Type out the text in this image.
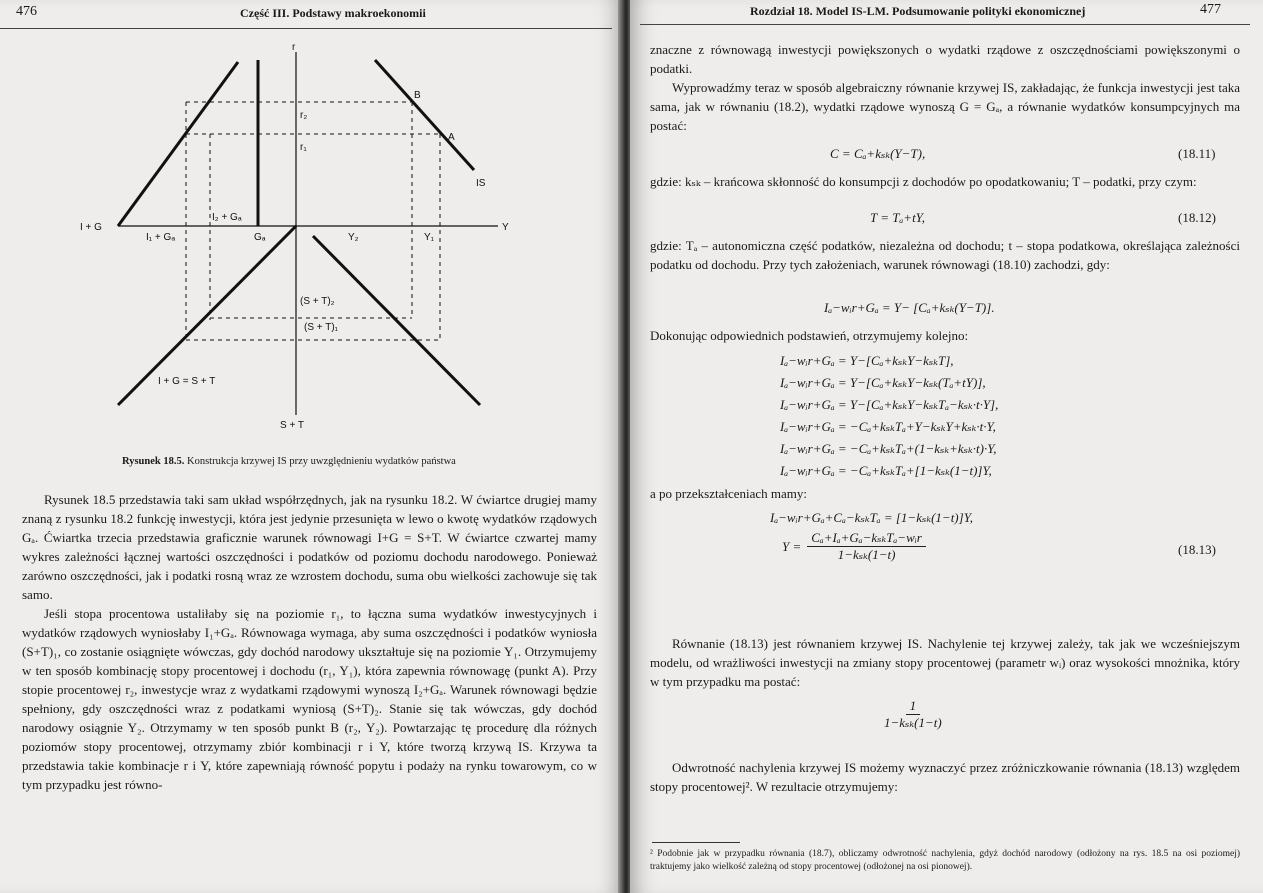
476	Część III. Podstawy makroekonomii
r
Y
S + T
I + G
r₂
r₁
I₂ + Gₐ
I₁ + Gₐ	Gₐ	Y₂	Y₁
B
A
IS
(S + T)₂
(S + T)₁
I + G = S + T
Rysunek 18.5. Konstrukcja krzywej IS przy uwzględnieniu wydatków państwa

Rysunek 18.5 przedstawia taki sam układ współrzędnych, jak na rysunku 18.2. W ćwiartce drugiej mamy znaną z rysunku 18.2 funkcję inwestycji, która jest jedynie przesunięta w lewo o kwotę wydatków rządowych Gₐ. Ćwiartka trzecia przedstawia graficznie warunek równowagi I+G = S+T. W ćwiartce czwartej mamy wykres zależności łącznej wartości oszczędności i podatków od poziomu dochodu narodowego. Ponieważ zarówno oszczędności, jak i podatki rosną wraz ze wzrostem dochodu, suma obu wielkości zachowuje się tak samo.

Jeśli stopa procentowa ustaliłaby się na poziomie r₁, to łączna suma wydatków inwestycyjnych i wydatków rządowych wyniosłaby I₁+Gₐ. Równowaga wymaga, aby suma oszczędności i podatków wyniosła (S+T)₁, co zostanie osiągnięte wówczas, gdy dochód narodowy ukształtuje się na poziomie Y₁. Otrzymujemy w ten sposób kombinację stopy procentowej i dochodu (r₁, Y₁), która zapewnia równowagę (punkt A). Przy stopie procentowej r₂, inwestycje wraz z wydatkami rządowymi wynoszą I₂+Gₐ. Warunek równowagi będzie spełniony, gdy oszczędności wraz z podatkami wyniosą (S+T)₂. Stanie się tak wówczas, gdy dochód narodowy osiągnie Y₂. Otrzymamy w ten sposób punkt B (r₂, Y₂). Powtarzając tę procedurę dla różnych poziomów stopy procentowej, otrzymamy zbiór kombinacji r i Y, które tworzą krzywą IS. Krzywa ta przedstawia takie kombinacje r i Y, które zapewniają równość popytu i podaży na rynku towarowym, co w tym przypadku jest równo-

Rozdział 18. Model IS-LM. Podsumowanie polityki ekonomicznej	477
znaczne z równowagą inwestycji powiększonych o wydatki rządowe z oszczędnościami powiększonymi o podatki.

Wyprowadźmy teraz w sposób algebraiczny równanie krzywej IS, zakładając, że funkcja inwestycji jest taka sama, jak w równaniu (18.2), wydatki rządowe wynoszą G = Gₐ, a równanie wydatków konsumpcyjnych ma postać:

C = Cₐ+kₛₖ(Y−T),	(18.11)
gdzie: kₛₖ – krańcowa skłonność do konsumpcji z dochodów po opodatkowaniu; T – podatki, przy czym:
T = Tₐ+tY,	(18.12)
gdzie: Tₐ – autonomiczna część podatków, niezależna od dochodu; t – stopa podatkowa, określająca zależności podatku od dochodu. Przy tych założeniach, warunek równowagi (18.10) zachodzi, gdy:
Iₐ−wᵢr+Gₐ = Y− [Cₐ+kₛₖ(Y−T)].
Dokonując odpowiednich podstawień, otrzymujemy kolejno:
Iₐ−wᵢr+Gₐ = Y−[Cₐ+kₛₖY−kₛₖT],
Iₐ−wᵢr+Gₐ = Y−[Cₐ+kₛₖY−kₛₖ(Tₐ+tY)],
Iₐ−wᵢr+Gₐ = Y−[Cₐ+kₛₖY−kₛₖTₐ−kₛₖ·t·Y],
Iₐ−wᵢr+Gₐ = −Cₐ+kₛₖTₐ+Y−kₛₖY+kₛₖ·t·Y,
Iₐ−wᵢr+Gₐ = −Cₐ+kₛₖTₐ+(1−kₛₖ+kₛₖ·t)·Y,
Iₐ−wᵢr+Gₐ = −Cₐ+kₛₖTₐ+[1−kₛₖ(1−t)]Y,
a po przekształceniach mamy:
Iₐ−wᵢr+Gₐ+Cₐ−kₛₖTₐ = [1−kₛₖ(1−t)]Y,
$Y = \frac{\text{Cₐ+Iₐ+Gₐ−kₛₖTₐ−wᵢr}}{\text{1−kₛₖ(1−t)}}$	(18.13)

Równanie (18.13) jest równaniem krzywej IS. Nachylenie tej krzywej zależy, tak jak we wcześniejszym modelu, od wrażliwości inwestycji na zmiany stopy procentowej (parametr wᵢ) oraz wysokości mnożnika, który w tym przypadku ma postać:

$\frac{1}{\text{1−kₛₖ(1−t)}}$

Odwrotność nachylenia krzywej IS możemy wyznaczyć przez zróżniczkowanie równania (18.13) względem stopy procentowej². W rezultacie otrzymujemy:

² Podobnie jak w przypadku równania (18.7), obliczamy odwrotność nachylenia, gdyż dochód narodowy (odłożony na rys. 18.5 na osi poziomej) traktujemy jako wielkość zależną od stopy procentowej (odłożonej na osi pionowej).
